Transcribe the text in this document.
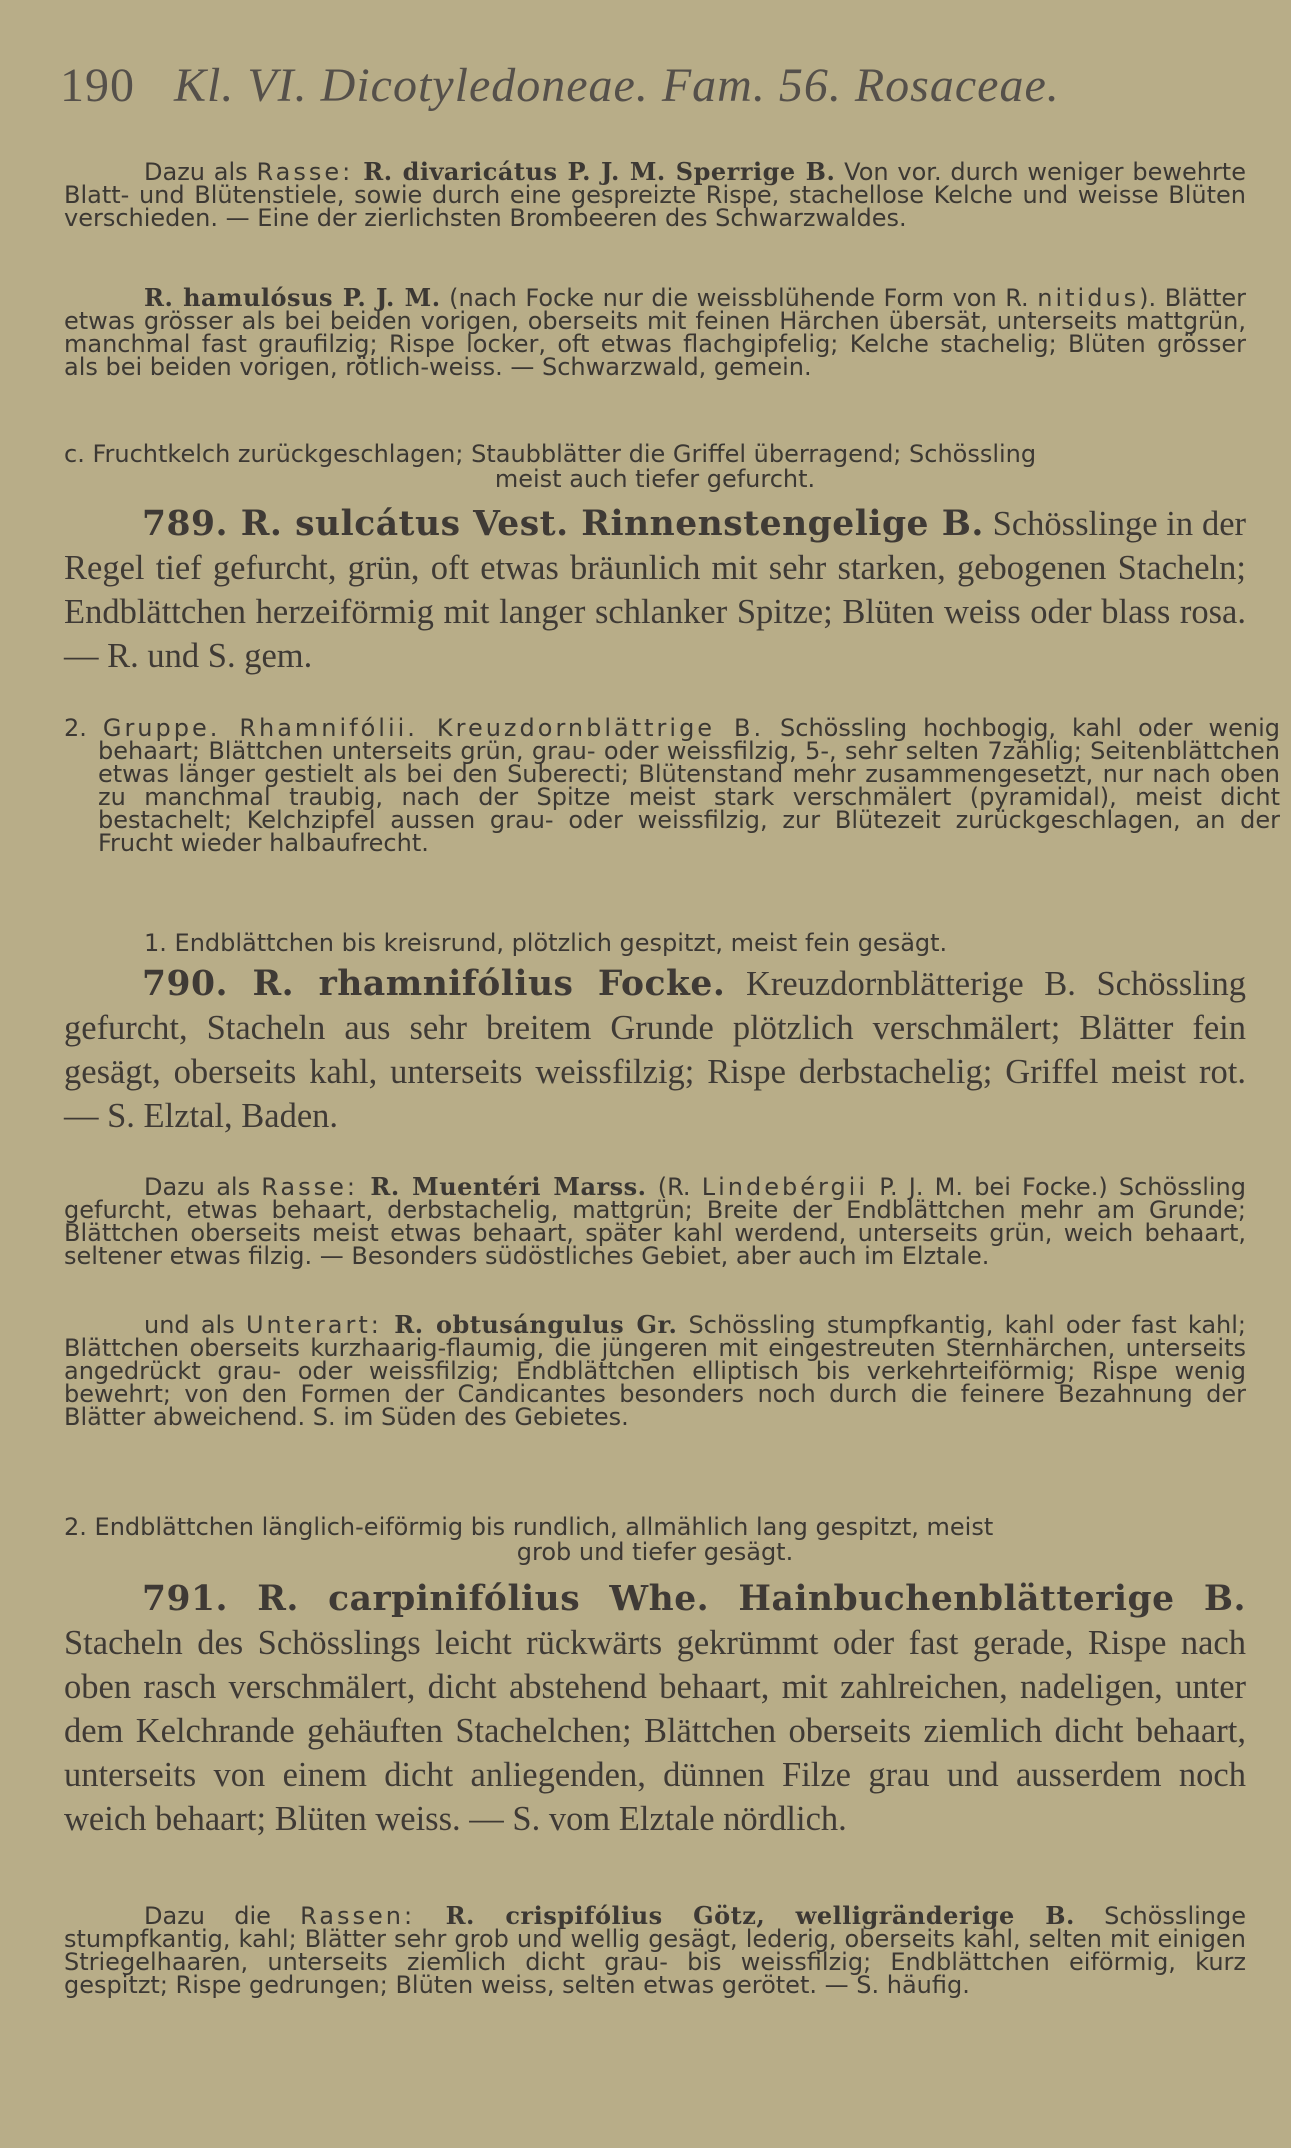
190 Kl. VI. Dicotyledoneae. Fam. 56. Rosaceae.

Dazu als Rasse: R. divaricátus P. J. M. Sperrige B. Von vor. durch weniger bewehrte Blatt- und Blütenstiele, sowie durch eine gespreizte Rispe, stachellose Kelche und weisse Blüten verschieden. — Eine der zierlichsten Brombeeren des Schwarzwaldes.

R. hamulósus P. J. M. (nach Focke nur die weissblühende Form von R. nitidus). Blätter etwas grösser als bei beiden vorigen, oberseits mit feinen Härchen übersät, unterseits mattgrün, manchmal fast graufilzig; Rispe locker, oft etwas flachgipfelig; Kelche stachelig; Blüten grösser als bei beiden vorigen, rötlich-weiss. — Schwarzwald, gemein.

c. Fruchtkelch zurückgeschlagen; Staubblätter die Griffel überragend; Schössling

meist auch tiefer gefurcht.

789. R. sulcátus Vest. Rinnenstengelige B. Schösslinge in der Regel tief gefurcht, grün, oft etwas bräunlich mit sehr starken, gebogenen Stacheln; Endblättchen herzeiförmig mit langer schlanker Spitze; Blüten weiss oder blass rosa. — R. und S. gem.

2. Gruppe. Rhamnifólii. Kreuzdornblättrige B. Schössling hochbogig, kahl oder wenig behaart; Blättchen unterseits grün, grau- oder weissfilzig, 5-, sehr selten 7zählig; Seitenblättchen etwas länger gestielt als bei den Suberecti; Blütenstand mehr zusammengesetzt, nur nach oben zu manchmal traubig, nach der Spitze meist stark verschmälert (pyramidal), meist dicht bestachelt; Kelchzipfel aussen grau- oder weissfilzig, zur Blütezeit zurückgeschlagen, an der Frucht wieder halbaufrecht.

1. Endblättchen bis kreisrund, plötzlich gespitzt, meist fein gesägt.

790. R. rhamnifólius Focke. Kreuzdornblätterige B. Schössling gefurcht, Stacheln aus sehr breitem Grunde plötzlich verschmälert; Blätter fein gesägt, oberseits kahl, unterseits weissfilzig; Rispe derbstachelig; Griffel meist rot. — S. Elztal, Baden.

Dazu als Rasse: R. Muentéri Marss. (R. Lindebérgii P. J. M. bei Focke.) Schössling gefurcht, etwas behaart, derbstachelig, mattgrün; Breite der Endblättchen mehr am Grunde; Blättchen oberseits meist etwas behaart, später kahl werdend, unterseits grün, weich behaart, seltener etwas filzig. — Besonders südöstliches Gebiet, aber auch im Elztale.

und als Unterart: R. obtusángulus Gr. Schössling stumpfkantig, kahl oder fast kahl; Blättchen oberseits kurzhaarig-flaumig, die jüngeren mit eingestreuten Sternhärchen, unterseits angedrückt grau- oder weissfilzig; Endblättchen elliptisch bis verkehrteiförmig; Rispe wenig bewehrt; von den Formen der Candicantes besonders noch durch die feinere Bezahnung der Blätter abweichend. S. im Süden des Gebietes.

2. Endblättchen länglich-eiförmig bis rundlich, allmählich lang gespitzt, meist

grob und tiefer gesägt.

791. R. carpinifólius Whe. Hainbuchenblätterige B. Stacheln des Schösslings leicht rückwärts gekrümmt oder fast gerade, Rispe nach oben rasch verschmälert, dicht abstehend behaart, mit zahlreichen, nadeligen, unter dem Kelchrande gehäuften Stachelchen; Blättchen oberseits ziemlich dicht behaart, unterseits von einem dicht anliegenden, dünnen Filze grau und ausserdem noch weich behaart; Blüten weiss. — S. vom Elztale nördlich.

Dazu die Rassen: R. crispifólius Götz, welligränderige B. Schösslinge stumpfkantig, kahl; Blätter sehr grob und wellig gesägt, lederig, oberseits kahl, selten mit einigen Striegelhaaren, unterseits ziemlich dicht grau- bis weissfilzig; Endblättchen eiförmig, kurz gespitzt; Rispe gedrungen; Blüten weiss, selten etwas gerötet. — S. häufig.
